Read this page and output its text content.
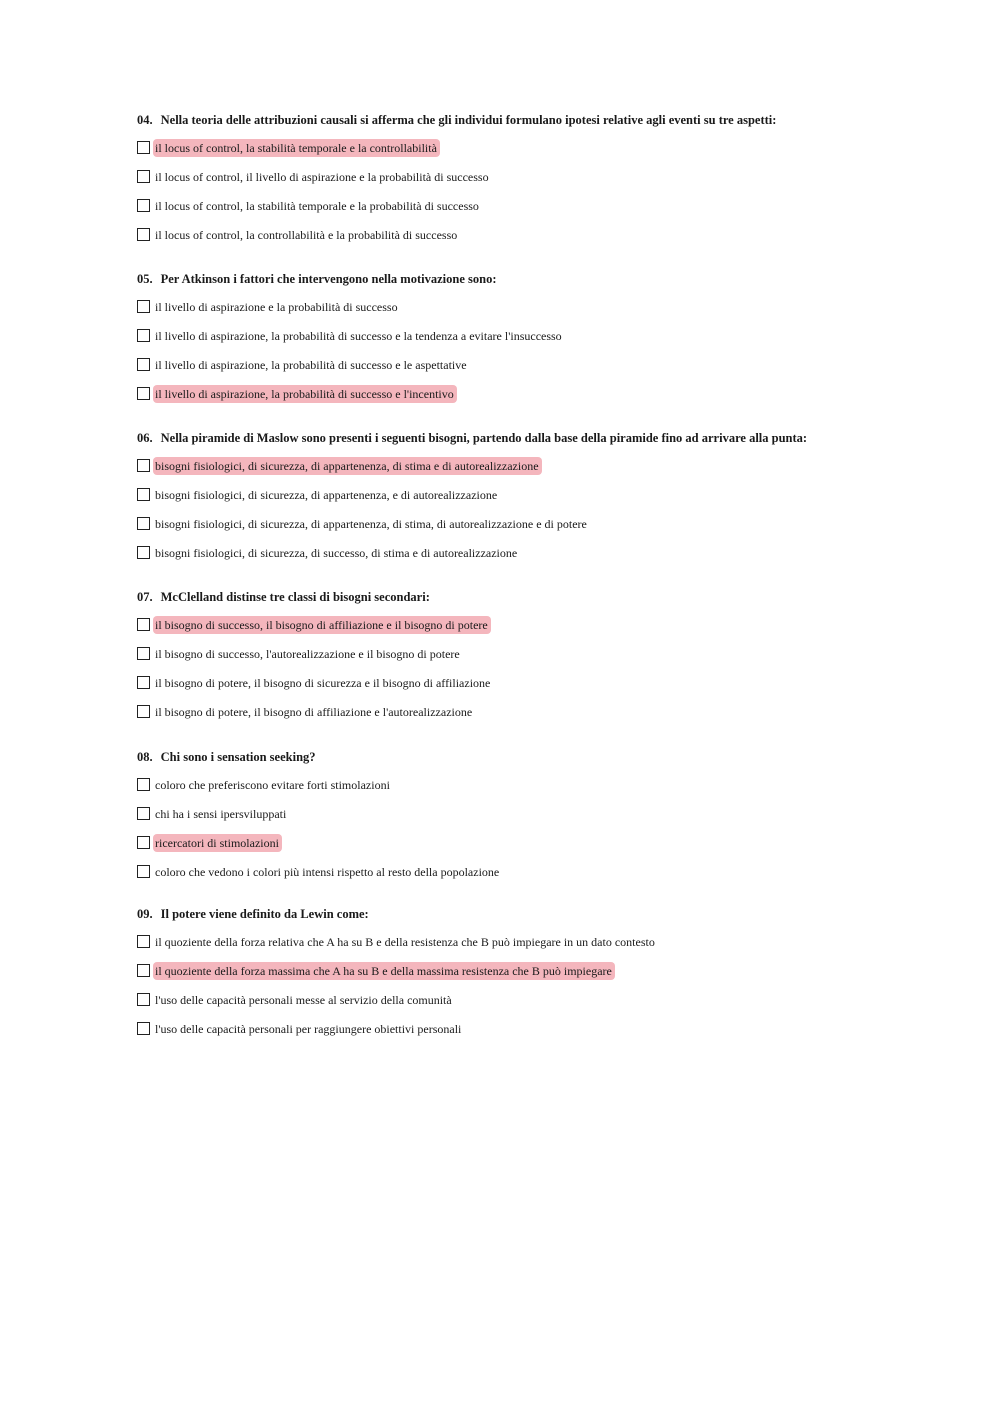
04. Nella teoria delle attribuzioni causali si afferma che gli individui formulano ipotesi relative agli eventi su tre aspetti:
il locus of control, la stabilità temporale e la controllabilità
il locus of control, il livello di aspirazione e la probabilità di successo
il locus of control, la stabilità temporale e la probabilità di successo
il locus of control, la controllabilità e la probabilità di successo
05. Per Atkinson i fattori che intervengono nella motivazione sono:
il livello di aspirazione e la probabilità di successo
il livello di aspirazione, la probabilità di successo e la tendenza a evitare l'insuccesso
il livello di aspirazione, la probabilità di successo e le aspettative
il livello di aspirazione, la probabilità di successo e l'incentivo
06. Nella piramide di Maslow sono presenti i seguenti bisogni, partendo dalla base della piramide fino ad arrivare alla punta:
bisogni fisiologici, di sicurezza, di appartenenza, di stima e di autorealizzazione
bisogni fisiologici, di sicurezza, di appartenenza, e di autorealizzazione
bisogni fisiologici, di sicurezza, di appartenenza, di stima, di autorealizzazione e di potere
bisogni fisiologici, di sicurezza, di successo, di stima e di autorealizzazione
07. McClelland distinse tre classi di bisogni secondari:
il bisogno di successo, il bisogno di affiliazione e il bisogno di potere
il bisogno di successo, l'autorealizzazione e il bisogno di potere
il bisogno di potere, il bisogno di sicurezza e il bisogno di affiliazione
il bisogno di potere, il bisogno di affiliazione e l'autorealizzazione
08. Chi sono i sensation seeking?
coloro che preferiscono evitare forti stimolazioni
chi ha i sensi ipersviluppati
ricercatori di stimolazioni
coloro che vedono i colori più intensi rispetto al resto della popolazione
09. Il potere viene definito da Lewin come:
il quoziente della forza relativa che A ha su B e della resistenza che B può impiegare in un dato contesto
il quoziente della forza massima che A ha su B e della massima resistenza che B può impiegare
l'uso delle capacità personali messe al servizio della comunità
l'uso delle capacità personali per raggiungere obiettivi personali
